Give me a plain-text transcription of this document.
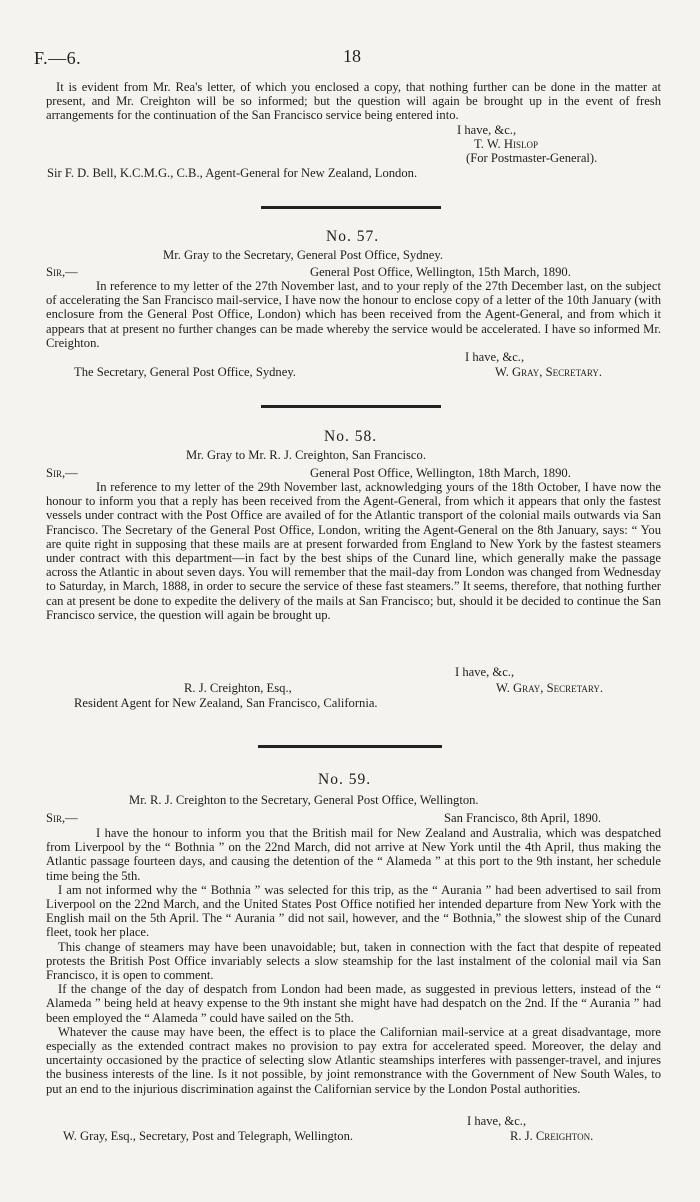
F.—6.	18

It is evident from Mr. Rea's letter, of which you enclosed a copy, that nothing further can be done in the matter at present, and Mr. Creighton will be so informed; but the question will again be brought up in the event of fresh arrangements for the continuation of the San Francisco service being entered into.

I have, &c.,
T. W. Hislop
(For Postmaster-General).
Sir F. D. Bell, K.C.M.G., C.B., Agent-General for New Zealand, London.
No. 57.
Mr. Gray to the Secretary, General Post Office, Sydney.
Sir,—	General Post Office, Wellington, 15th March, 1890.

In reference to my letter of the 27th November last, and to your reply of the 27th December last, on the subject of accelerating the San Francisco mail-service, I have now the honour to enclose copy of a letter of the 10th January (with enclosure from the General Post Office, London) which has been received from the Agent-General, and from which it appears that at present no further changes can be made whereby the service would be accelerated. I have so informed Mr. Creighton.

I have, &c.,
The Secretary, General Post Office, Sydney.	W. Gray, Secretary.
No. 58.
Mr. Gray to Mr. R. J. Creighton, San Francisco.
Sir,—	General Post Office, Wellington, 18th March, 1890.

In reference to my letter of the 29th November last, acknowledging yours of the 18th October, I have now the honour to inform you that a reply has been received from the Agent-General, from which it appears that only the fastest vessels under contract with the Post Office are availed of for the Atlantic transport of the colonial mails outwards via San Francisco. The Secretary of the General Post Office, London, writing the Agent-General on the 8th January, says: “ You are quite right in supposing that these mails are at present forwarded from England to New York by the fastest steamers under contract with this department—in fact by the best ships of the Cunard line, which generally make the passage across the Atlantic in about seven days. You will remember that the mail-day from London was changed from Wednesday to Saturday, in March, 1888, in order to secure the service of these fast steamers.” It seems, therefore, that nothing further can at present be done to expedite the delivery of the mails at San Francisco; but, should it be decided to continue the San Francisco service, the question will again be brought up.

I have, &c.,
R. J. Creighton, Esq.,	W. Gray, Secretary.
Resident Agent for New Zealand, San Francisco, California.
No. 59.
Mr. R. J. Creighton to the Secretary, General Post Office, Wellington.
Sir,—	San Francisco, 8th April, 1890.

I have the honour to inform you that the British mail for New Zealand and Australia, which was despatched from Liverpool by the “ Bothnia ” on the 22nd March, did not arrive at New York until the 4th April, thus making the Atlantic passage fourteen days, and causing the detention of the “ Alameda ” at this port to the 9th instant, her schedule time being the 5th.

I am not informed why the “ Bothnia ” was selected for this trip, as the “ Aurania ” had been advertised to sail from Liverpool on the 22nd March, and the United States Post Office notified her intended departure from New York with the English mail on the 5th April. The “ Aurania ” did not sail, however, and the “ Bothnia,” the slowest ship of the Cunard fleet, took her place.

This change of steamers may have been unavoidable; but, taken in connection with the fact that despite of repeated protests the British Post Office invariably selects a slow steamship for the last instalment of the colonial mail via San Francisco, it is open to comment.

If the change of the day of despatch from London had been made, as suggested in previous letters, instead of the “ Alameda ” being held at heavy expense to the 9th instant she might have had despatch on the 2nd. If the “ Aurania ” had been employed the “ Alameda ” could have sailed on the 5th.

Whatever the cause may have been, the effect is to place the Californian mail-service at a great disadvantage, more especially as the extended contract makes no provision to pay extra for accelerated speed. Moreover, the delay and uncertainty occasioned by the practice of selecting slow Atlantic steamships interferes with passenger-travel, and injures the business interests of the line. Is it not possible, by joint remonstrance with the Government of New South Wales, to put an end to the injurious discrimination against the Californian service by the London Postal authorities.

I have, &c.,
W. Gray, Esq., Secretary, Post and Telegraph, Wellington.	R. J. Creighton.
